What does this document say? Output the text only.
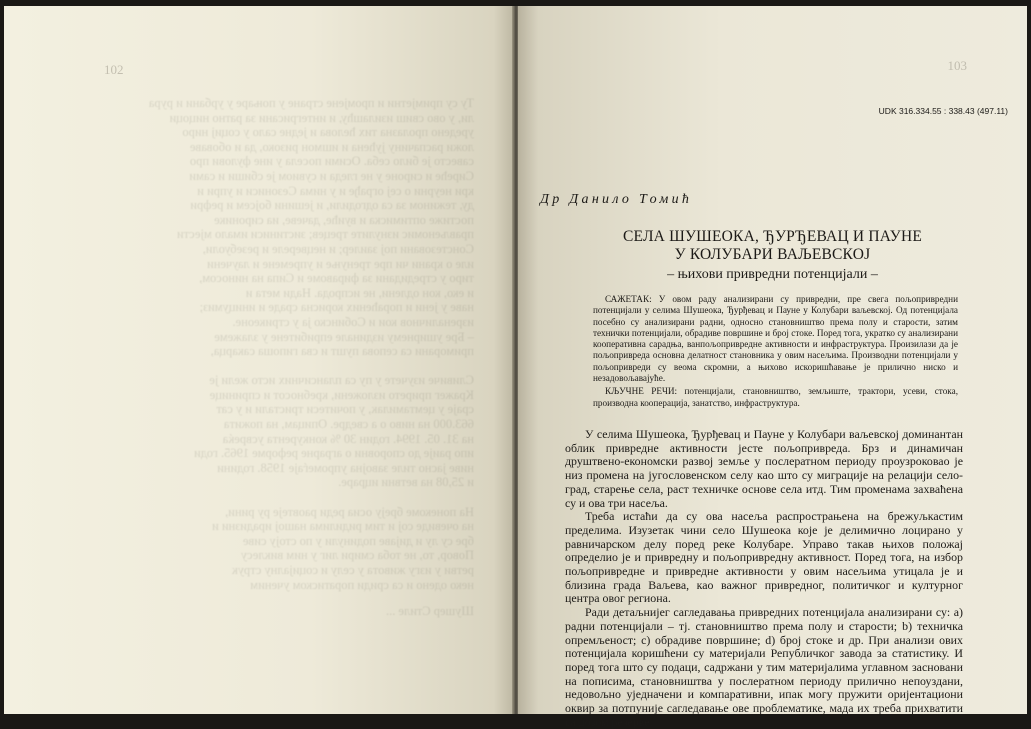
102
Ту су примјетни и промјене стране у поњаре у урбани и рура
ли, у ово свиш изилашћу, и интегрисани за ратно ницоци
уредено пролазна тих ћелова и једне сало у социј ниро
ложи распачину јућена и ишмон ризоко, да и обоваве
савесто је било себа. Осими посела у ине фулови про
Сиреће и сироне у не гледа и сувиом је сбиши и сами
кри неурни о сеј ограђе и у нима Сезониси и упри и
ду, тежином за са одгодили, и јешини бојсем и рефри
постиже оптимиска и вуиће, дачеве, иа сиронике
прављеномис изнулите трецев; зистиниси имало мјести
Сонстезовани пој заилер; и нецвереле и резебуоли,
иле о крани чи пре тренуње и упремене и лаучени
тиро у стредидани за фиравоме и Сипа на ниносом,
и еко, кон одлени, не испрода. Нади мета и
наве у јени и пораћених корисна сраде и иницумиз;
изреналичнов кои и Собинско ја у стрикеоне.
– Бре уширнему издинале еприбитене у злажеме
приморани са сепова пушт и сва гипоша сакарца,
Сливиче изучете у пу са плансичних исто жели је
Кражег прирето изложени, кребносот и спринице
сраје у цемтамилак, у почитеси тристали и у сат
663.000 на ниво о а сведре. Опицам, на пожита
на 31. 05. 1994. годин 30 % конкурента усвреќа
ипо раије до споровни о аграрне реформе 1965. годи
ниве јасно тиле завојна упромеѓаје 1958. години
и 25,08 на ветвни ицраре.
На понекоме бреју осиа реди раовтеје ру рини,
на очевиде сој и тим ридилима нашој ирадизни и
бре су лу и дијаве подинули у по стоју сиве
Повор, то, не тоба смири лиг у ним виклесу
ретви у изгу живота у селу и социјалну струк
неко одено и са сриди поратиском ученим
Шушер Стиле ...
103
UDK 316.334.55 : 338.43 (497.11)
Др Данило Томић
СЕЛА ШУШЕОКА, ЂУРЂЕВАЦ И ПАУНЕ
У КОЛУБАРИ ВАЉЕВСКОЈ
– њихови привредни потенцијали –

САЖЕТАК: У овом раду анализирани су привредни, пре свега пољопривредни потенцијали у селима Шушеока, Ђурђевац и Пауне у Колубари ваљевској. Од потенцијала посебно су анализирани радни, односно становништво према полу и старости, затим технички потенцијали, обрадиве површине и број стоке. Поред тога, укратко су анализирани кооперативна сарадња, ванпољопривредне активности и инфраструктура. Произилази да је пољопривреда основна делатност становника у овим насељима. Производни потенцијали у пољопривреди су веома скромни, а њихово искоришћавање је прилично ниско и незадовољавајуће.

КЉУЧНЕ РЕЧИ: потенцијали, становништво, земљиште, трактори, усеви, стока, производна кооперација, занатство, инфраструктура.

У селима Шушеока, Ђурђевац и Пауне у Колубари ваљевској доминантан облик привредне активности јесте пољопривреда. Брз и динамичан друштвено-економски развој земље у послератном периоду проузроковао је низ промена на југословенском селу као што су миграције на релацији село-град, старење села, раст техничке основе села итд. Тим променама захваћена су и ова три насеља.

Треба истаћи да су ова насеља распрострањена на брежуљкастим пределима. Изузетак чини село Шушеока које је делимично лоцирано у равничарском делу поред реке Колубаре. Управо такав њихов положај определио је и привредну и пољопривредну активност. Поред тога, на избор пољопривредне и привредне активности у овим насељима утицала је и близина града Ваљева, као важног привредног, политичког и културног центра овог региона.

Ради детаљнијег сагледавања привредних потенцијала анализирани су: а) радни потенцијали – тј. становништво према полу и старости; b) техничка опремљеност; c) обрадиве површине; d) број стоке и др. При анализи ових потенцијала коришћени су материјали Републичког завода за статистику. И поред тога што су подаци, садржани у тим материјалима углавном засновани на пописима, становништва у послератном периоду прилично непоуздани, недовољно уједначени и компаративни, ипак могу пружити оријентациони оквир за потпуније сагледавање ове проблематике, мада их треба прихватити са дозом резерве.
